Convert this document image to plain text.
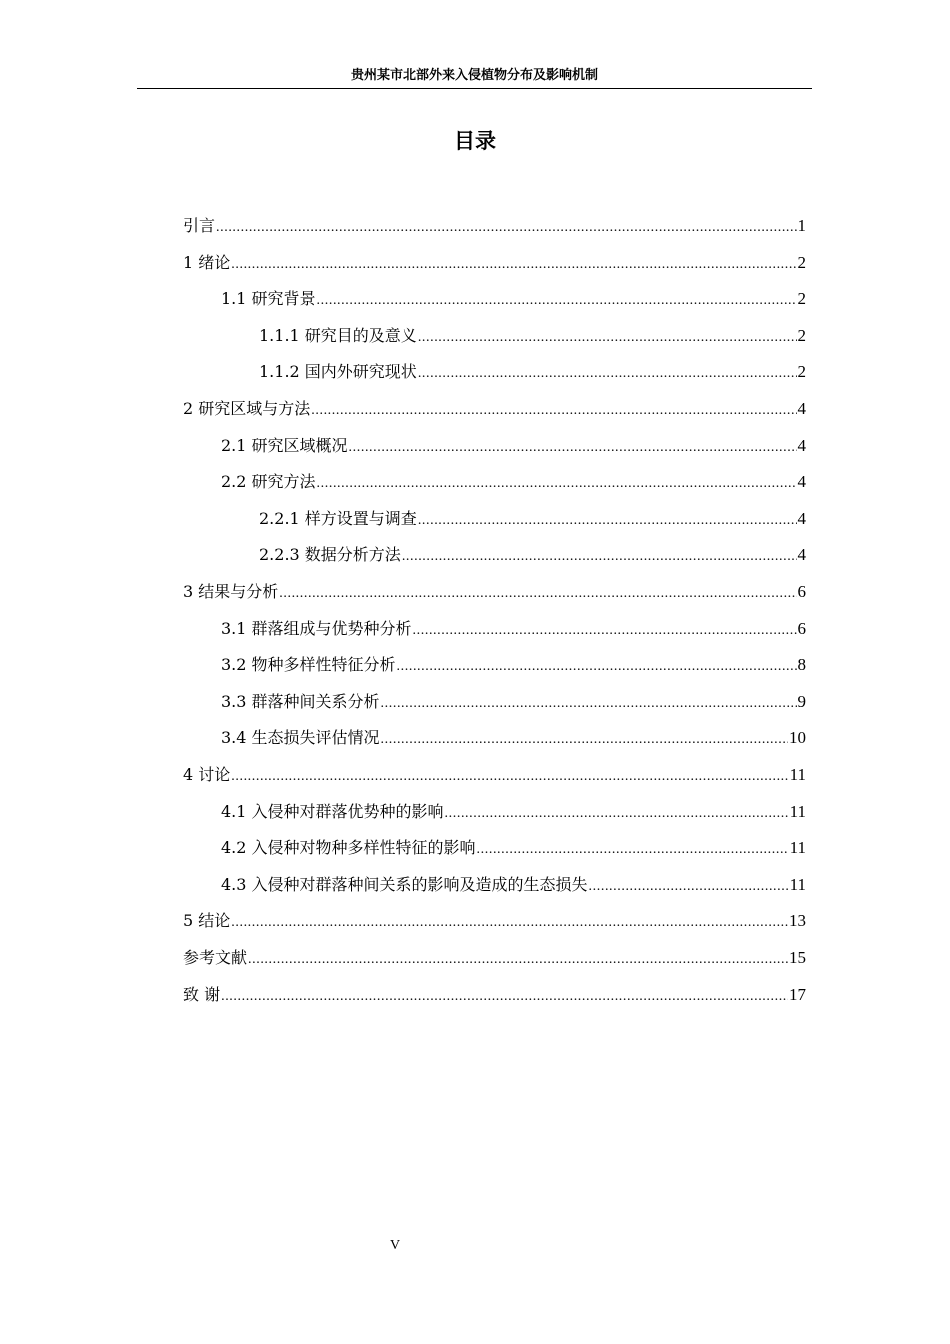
贵州某市北部外来入侵植物分布及影响机制
目录
引言 .....	1
1 绪论 .....	2
1.1 研究背景 .....	2
1.1.1 研究目的及意义 .....	2
1.1.2 国内外研究现状 .....	2
2 研究区域与方法 .....	4
2.1 研究区域概况 .....	4
2.2 研究方法 .....	4
2.2.1 样方设置与调查 .....	4
2.2.3 数据分析方法 .....	4
3 结果与分析 .....	6
3.1 群落组成与优势种分析 .....	6
3.2 物种多样性特征分析 .....	8
3.3 群落种间关系分析 .....	9
3.4 生态损失评估情况 .....	10
4 讨论 .....	11
4.1 入侵种对群落优势种的影响 .....	11
4.2 入侵种对物种多样性特征的影响 .....	11
4.3 入侵种对群落种间关系的影响及造成的生态损失 .....	11
5 结论 .....	13
参考文献 .....	15
致 谢 .....	17
V
